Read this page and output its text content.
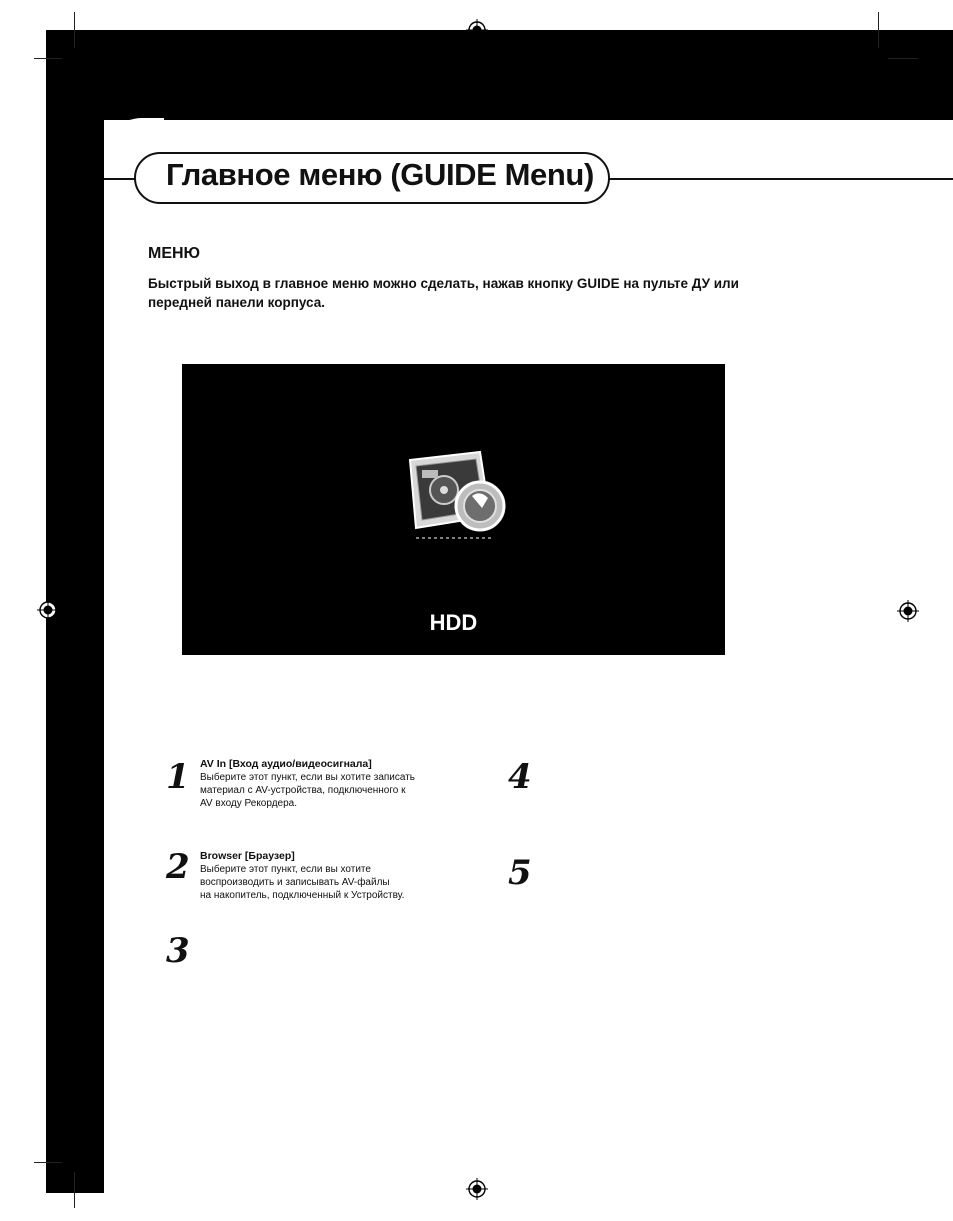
Главное меню (GUIDE Menu)
МЕНЮ
Быстрый выход в главное меню можно сделать, нажав кнопку GUIDE на пульте ДУ или передней панели корпуса.
HDD
1 AV In [Вход аудио/видеосигнала]
Выберите этот пункт, если вы хотите записать
материал с AV-устройства, подключенного к
AV входу Рекордера.
2 Browser [Браузер]
Выберите этот пункт, если вы хотите
воспроизводить и записывать AV-файлы
на накопитель, подключенный к Устройству.
3
4
5
